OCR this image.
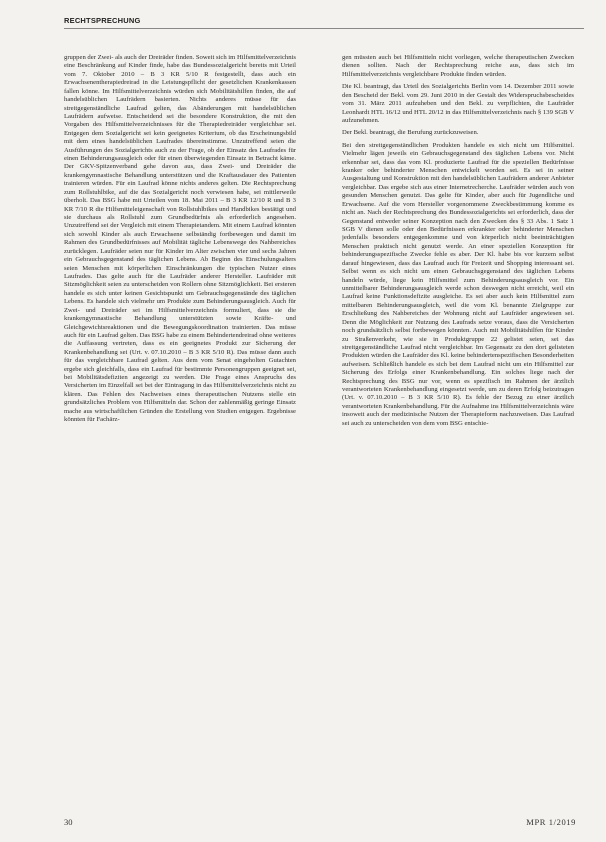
RECHTSPRECHUNG

gruppen der Zwei- als auch der Dreiräder finden. Soweit sich im Hilfsmittelverzeichnis eine Beschränkung auf Kinder finde, habe das Bundessozialgericht bereits mit Urteil vom 7. Oktober 2010 – B 3 KR 5/10 R festgestellt, dass auch ein Erwachsenentherapiedreirad in die Leistungspflicht der gesetzlichen Krankenkassen fallen könne. Im Hilfsmittelverzeichnis würden sich Mobilitätshilfen finden, die auf handelsüblichen Laufrädern basierten. Nichts anderes müsse für das streitgegenständliche Laufrad gelten, das Abänderungen mit handelsüblichen Laufrädern aufweise. Entscheidend sei die besondere Konstruktion, die mit den Vorgaben des Hilfsmittelverzeichnisses für die Therapiedreiräder vergleichbar sei. Entgegen dem Sozialgericht sei kein geeignetes Kriterium, ob das Erscheinungsbild mit dem eines handelsüblichen Laufrades übereinstimme. Unzutreffend seien die Ausführungen des Sozialgerichts auch zu der Frage, ob der Einsatz des Laufrades für einen Behinderungsausgleich oder für einen überwiegenden Einsatz in Betracht käme. Der GKV-Spitzenverband gehe davon aus, dass Zwei- und Dreiräder die krankengymnastische Behandlung unterstützen und die Kraftausdauer des Patienten trainieren würden. Für ein Laufrad könne nichts anderes gelten. Die Rechtsprechung zum Rollstuhlbike, auf die das Sozialgericht noch verwiesen habe, sei mittlerweile überholt. Das BSG habe mit Urteilen vom 18. Mai 2011 – B 3 KR 12/10 R und B 3 KR 7/10 R die Hilfsmitteleigenschaft von Rollstuhlbikes und Handbikes bestätigt und sie durchaus als Rollstuhl zum Grundbedürfnis als erforderlich angesehen. Unzutreffend sei der Vergleich mit einem Therapietandem. Mit einem Laufrad könnten sich sowohl Kinder als auch Erwachsene selbständig fortbewegen und damit im Rahmen des Grundbedürfnisses auf Mobilität tägliche Lebenswege des Nahbereiches zurücklegen. Laufräder seien nur für Kinder im Alter zwischen vier und sechs Jahren ein Gebrauchsgegenstand des täglichen Lebens. Ab Beginn des Einschulungsalters seien Menschen mit körperlichen Einschränkungen die typischen Nutzer eines Laufrades. Das gelte auch für die Laufräder anderer Hersteller. Laufräder mit Sitzmöglichkeit seien zu unterscheiden von Rollern ohne Sitzmöglichkeit. Bei ersteren handele es sich unter keinen Gesichtspunkt um Gebrauchsgegenstände des täglichen Lebens. Es handele sich vielmehr um Produkte zum Behinderungsausgleich. Auch für Zwei- und Dreiräder sei im Hilfsmittelverzeichnis formuliert, dass sie die krankengymnastische Behandlung unterstützten sowie Kräfte- und Gleichgewichtsreaktionen und die Bewegungskoordination trainierten. Das müsse auch für ein Laufrad gelten. Das BSG habe zu einem Behindertendreirad ohne weiteres die Auffassung vertreten, dass es ein geeignetes Produkt zur Sicherung der Krankenbehandlung sei (Urt. v. 07.10.2010 – B 3 KR 5/10 R). Das müsse dann auch für das vergleichbare Laufrad gelten. Aus dem vom Senat eingeholten Gutachten ergebe sich gleichfalls, dass ein Laufrad für bestimmte Personengruppen geeignet sei, bei Mobilitätsdefiziten angezeigt zu werden. Die Frage eines Anspruchs des Versicherten im Einzelfall sei bei der Eintragung in das Hilfsmittelverzeichnis nicht zu klären. Das Fehlen des Nachweises eines therapeutischen Nutzens stelle ein grundsätzliches Problem von Hilfsmitteln dar. Schon der zahlenmäßig geringe Einsatz mache aus wirtschaftlichen Gründen die Erstellung von Studien entgegen. Ergebnisse könnten für Fachärz-

gen müssten auch bei Hilfsmitteln nicht vorliegen, welche therapeutischen Zwecken dienen sollten. Nach der Rechtsprechung reiche aus, dass sich im Hilfsmittelverzeichnis vergleichbare Produkte finden würden.

Die Kl. beantragt, das Urteil des Sozialgerichts Berlin vom 14. Dezember 2011 sowie den Bescheid der Bekl. vom 29. Juni 2010 in der Gestalt des Widerspruchsbescheides vom 31. März 2011 aufzuheben und den Bekl. zu verpflichten, die Laufräder Leonhardt HTL 16/12 und HTL 20/12 in das Hilfsmittelverzeichnis nach § 139 SGB V aufzunehmen.

Der Bekl. beantragt, die Berufung zurückzuweisen.

Bei den streitgegenständlichen Produkten handele es sich nicht um Hilfsmittel. Vielmehr lägen jeweils ein Gebrauchsgegenstand des täglichen Lebens vor. Nicht erkennbar sei, dass das vom Kl. produzierte Laufrad für die speziellen Bedürfnisse kranker oder behinderter Menschen entwickelt worden sei. Es sei in seiner Ausgestaltung und Konstruktion mit den handelsüblichen Laufrädern anderer Anbieter vergleichbar. Das ergebe sich aus einer Internetrecherche. Laufräder würden auch von gesunden Menschen genutzt. Das gelte für Kinder, aber auch für Jugendliche und Erwachsene. Auf die vom Hersteller vorgenommene Zweckbestimmung komme es nicht an. Nach der Rechtsprechung des Bundessozialgerichts sei erforderlich, dass der Gegenstand entweder seiner Konzeption nach den Zwecken des § 33 Abs. 1 Satz 1 SGB V dienen solle oder den Bedürfnissen erkrankter oder behinderter Menschen jedenfalls besonders entgegenkomme und von körperlich nicht beeinträchtigten Menschen praktisch nicht genutzt werde. An einer speziellen Konzeption für behinderungsspezifische Zwecke fehle es aber. Der Kl. habe bis vor kurzem selbst darauf hingewiesen, dass das Laufrad auch für Freizeit und Shopping interessant sei. Selbst wenn es sich nicht um einen Gebrauchsgegenstand des täglichen Lebens handeln würde, liege kein Hilfsmittel zum Behinderungsausgleich vor. Ein unmittelbarer Behinderungsausgleich werde schon deswegen nicht erreicht, weil ein Laufrad keine Funktionsdefizite ausgleiche. Es sei aber auch kein Hilfsmittel zum mittelbaren Behinderungsausgleich, weil die vom Kl. benannte Zielgruppe zur Erschließung des Nahbereiches der Wohnung nicht auf Laufräder angewiesen sei. Denn die Möglichkeit zur Nutzung des Laufrads setze voraus, dass die Versicherten noch grundsätzlich selbst fortbewegen könnten. Auch mit Mobilitätshilfen für Kinder zu Straßenverkehr, wie sie in Produktgruppe 22 gelistet seien, sei das streitgegenständliche Laufrad nicht vergleichbar. Im Gegensatz zu den dort gelisteten Produkten würden die Laufräder des Kl. keine behindertenspezifischen Besonderheiten aufweisen. Schließlich handele es sich bei dem Laufrad nicht um ein Hilfsmittel zur Sicherung des Erfolgs einer Krankenbehandlung. Ein solches liege nach der Rechtsprechung des BSG nur vor, wenn es spezifisch im Rahmen der ärztlich verantworteten Krankenbehandlung eingesetzt werde, um zu deren Erfolg beizutragen (Urt. v. 07.10.2010 – B 3 KR 5/10 R). Es fehle der Bezug zu einer ärztlich verantworteten Krankenbehandlung. Für die Aufnahme ins Hilfsmittelverzeichnis wäre insoweit auch der medizinische Nutzen der Therapieform nachzuweisen. Das Laufrad sei auch zu unterscheiden von dem vom BSG entschie-

30	MPR 1/2019
